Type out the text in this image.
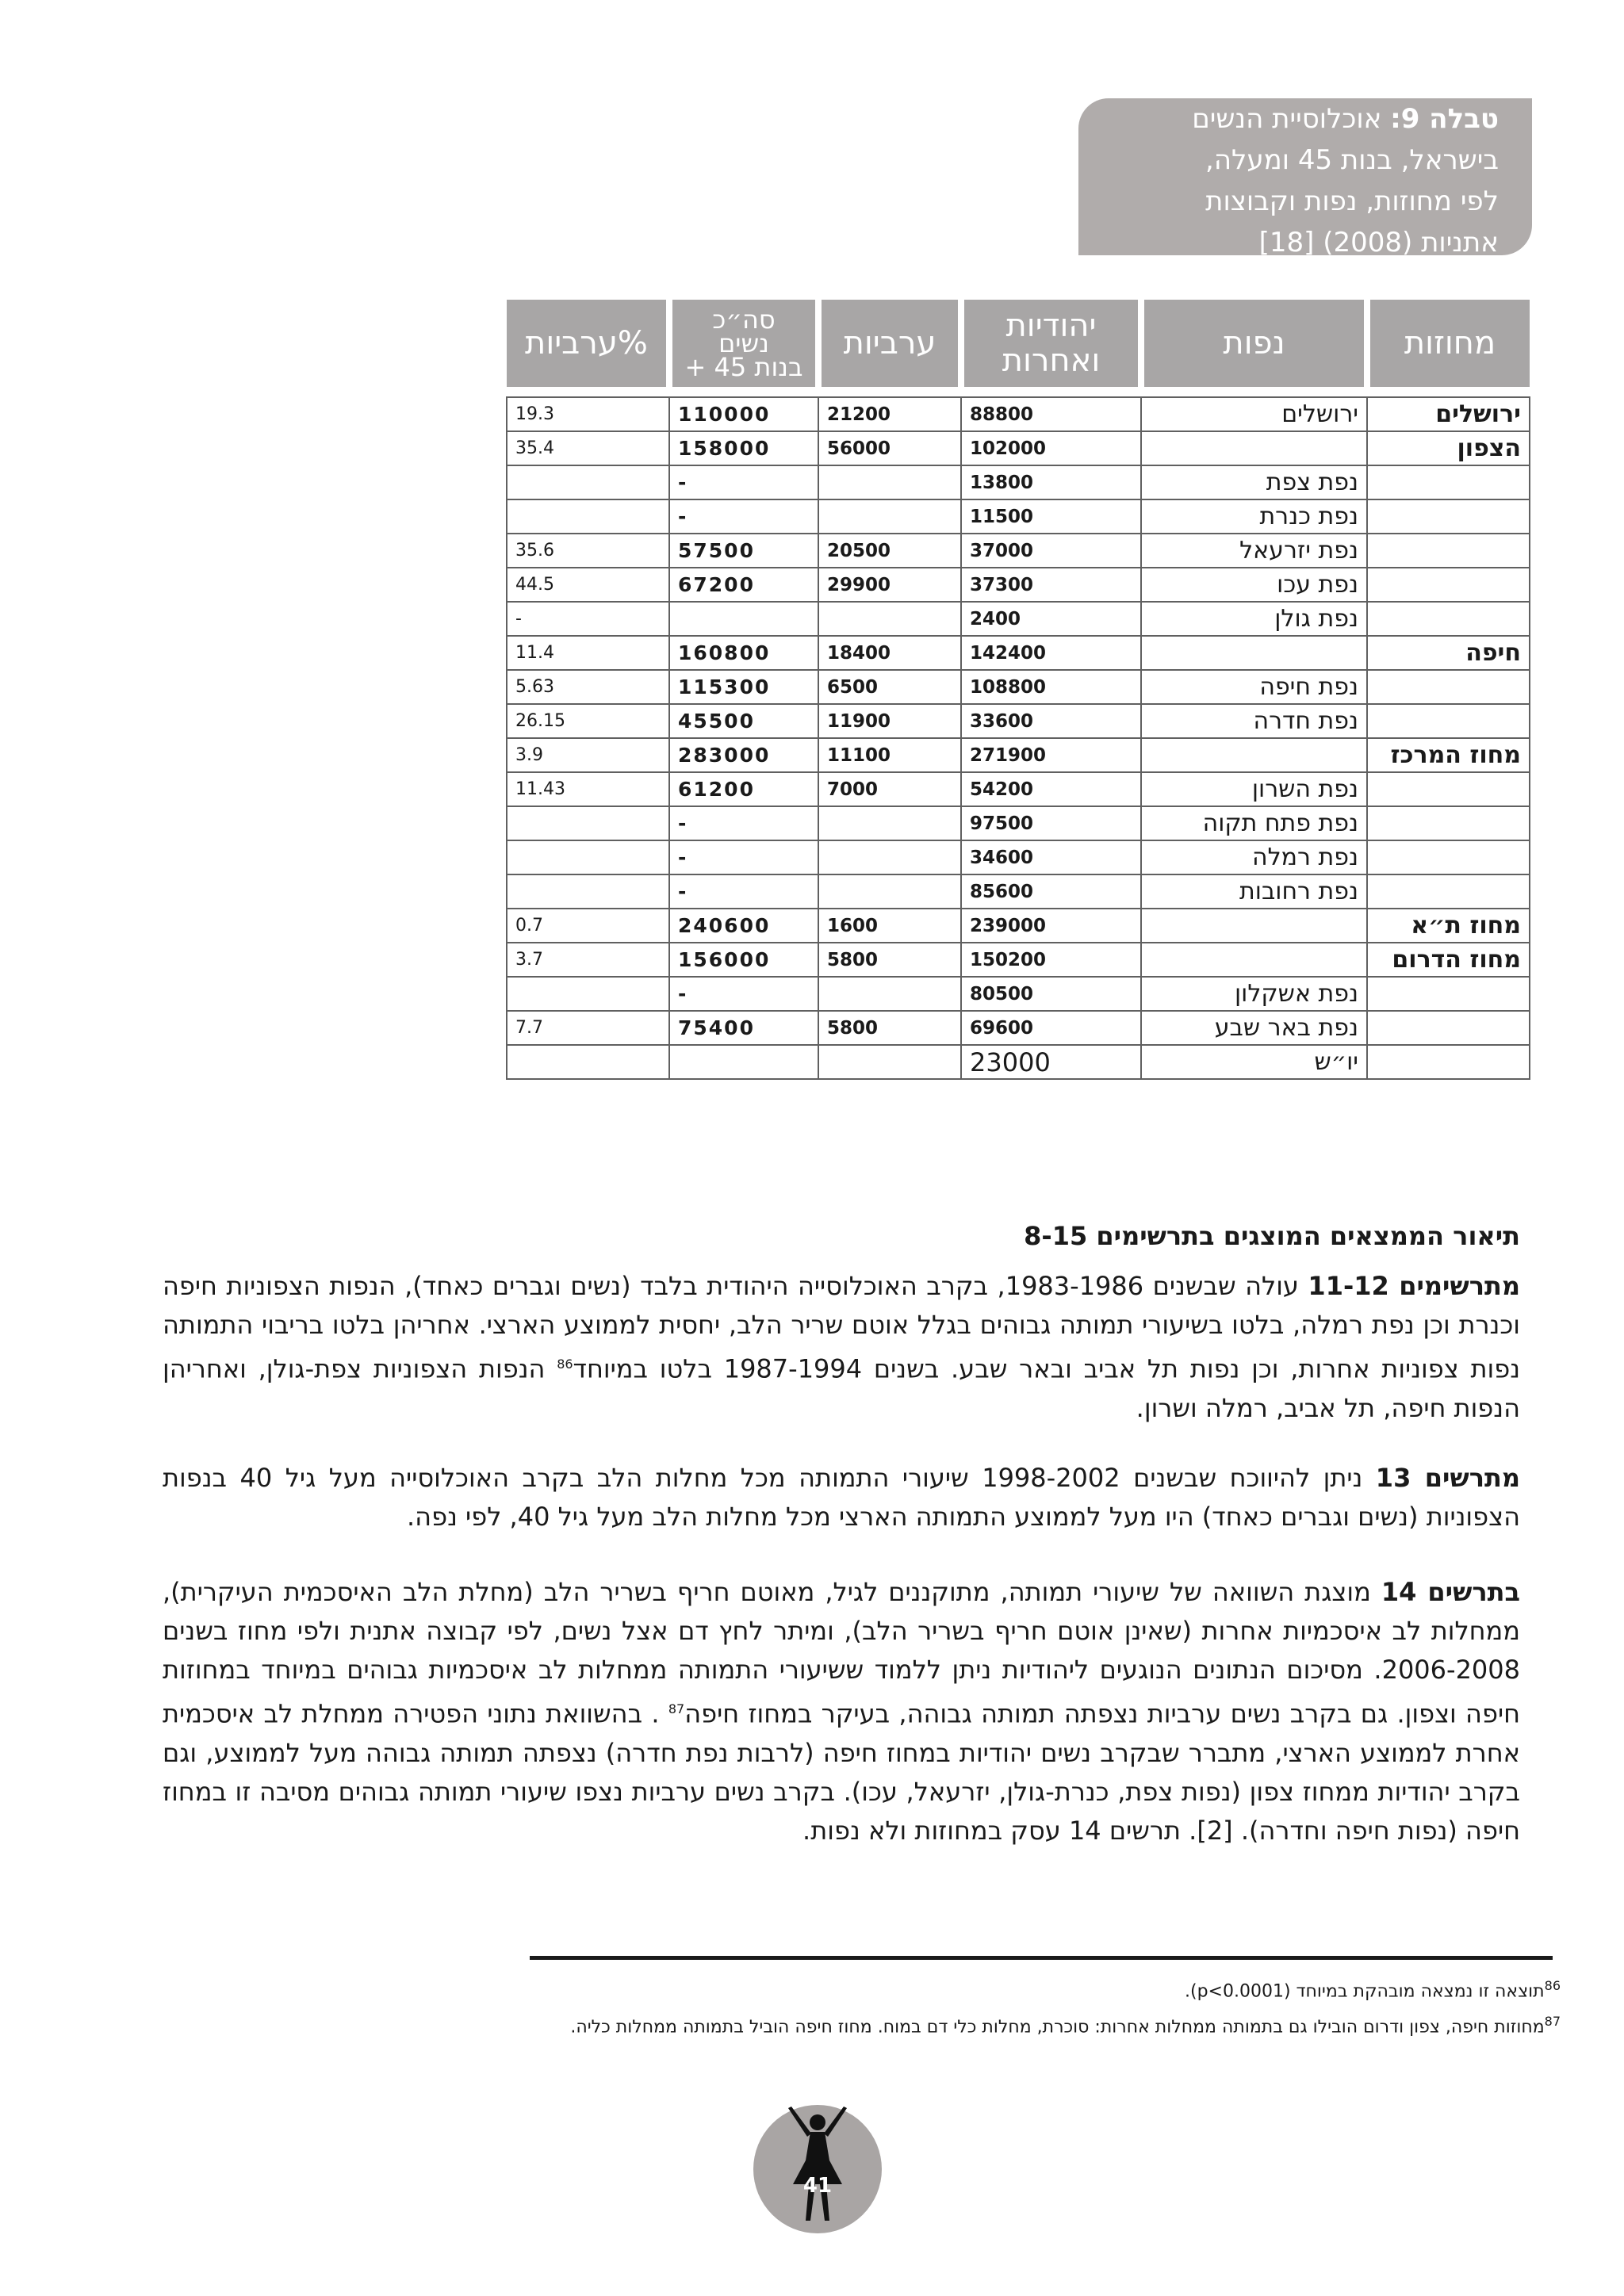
טבלה 9: אוכלוסיית הנשים
בישראל, בנות 45 ומעלה,
לפי מחוזות, נפות וקבוצות
אתניות (2008) [18]
מחוזות	נפות	יהודיות
ואחרות	ערביות	סה״כ
נשים
בנות 45 +	%ערביות

ירושלים	ירושלים	88800	21200	110000	19.3
הצפון		102000	56000	158000	35.4
	נפת צפת	13800		-	
	נפת כנרת	11500		-	
	נפת יזרעאל	37000	20500	57500	35.6
	נפת עכו	37300	29900	67200	44.5
	נפת גולן	2400			-
חיפה		142400	18400	160800	11.4
	נפת חיפה	108800	6500	115300	5.63
	נפת חדרה	33600	11900	45500	26.15
מחוז המרכז		271900	11100	283000	3.9
	נפת השרון	54200	7000	61200	11.43
	נפת פתח תקוה	97500		-	
	נפת רמלה	34600		-	
	נפת רחובות	85600		-	
מחוז ת״א		239000	1600	240600	0.7
מחוז הדרום		150200	5800	156000	3.7
	נפת אשקלון	80500		-	
	נפת באר שבע	69600	5800	75400	7.7
	יו״ש	23000			
תיאור הממצאים המוצגים בתרשימים 8-15
מתרשימים 11-12 עולה שבשנים 1983-1986, בקרב האוכלוסייה היהודית בלבד (נשים וגברים כאחד), הנפות הצפוניות חיפה וכנרת וכן נפת רמלה, בלטו בשיעורי תמותה גבוהים בגלל אוטם שריר הלב, יחסית לממוצע הארצי. אחריהן בלטו בריבוי התמותה נפות צפוניות אחרות, וכן נפות תל אביב ובאר שבע. בשנים 1987-1994 בלטו במיוחד$^{86}$ הנפות הצפוניות צפת-גולן, ואחריהן הנפות חיפה, תל אביב, רמלה ושרון.
מתרשים 13 ניתן להיווכח שבשנים 1998-2002 שיעורי התמותה מכל מחלות הלב בקרב האוכלוסייה מעל גיל 40 בנפות הצפוניות (נשים וגברים כאחד) היו מעל לממוצע התמותה הארצי מכל מחלות הלב מעל גיל 40, לפי נפה.
בתרשים 14 מוצגת השוואה של שיעורי תמותה, מתוקננים לגיל, מאוטם חריף בשריר הלב (מחלת הלב האיסכמית העיקרית), ממחלות לב איסכמיות אחרות (שאינן אוטם חריף בשריר הלב), ומיתר לחץ דם אצל נשים, לפי קבוצה אתנית ולפי מחוז בשנים 2006-2008. מסיכום הנתונים הנוגעים ליהודיות ניתן ללמוד ששיעורי התמותה ממחלות לב איסכמיות גבוהים במיוחד במחוזות חיפה וצפון. גם בקרב נשים ערביות נצפתה תמותה גבוהה, בעיקר במחוז חיפה$^{87}$ . בהשוואת נתוני הפטירה ממחלת לב איסכמית אחרת לממוצע הארצי, מתברר שבקרב נשים יהודיות במחוז חיפה (לרבות נפת חדרה) נצפתה תמותה גבוהה מעל לממוצע, וגם בקרב יהודיות ממחוז צפון (נפות צפת, כנרת-גולן, יזרעאל, עכו). בקרב נשים ערביות נצפו שיעורי תמותה גבוהים מסיבה זו במחוז חיפה (נפות חיפה וחדרה). [2]. תרשים 14 עסק במחוזות ולא נפות.
$^{86}$תוצאה זו נמצאה מובהקת במיוחד (p<0.0001).
$^{87}$מחוזות חיפה, צפון ודרום הובילו גם בתמותה ממחלות אחרות: סוכרת, מחלות כלי דם במוח. מחוז חיפה הוביל בתמותה ממחלות כליה.
41
